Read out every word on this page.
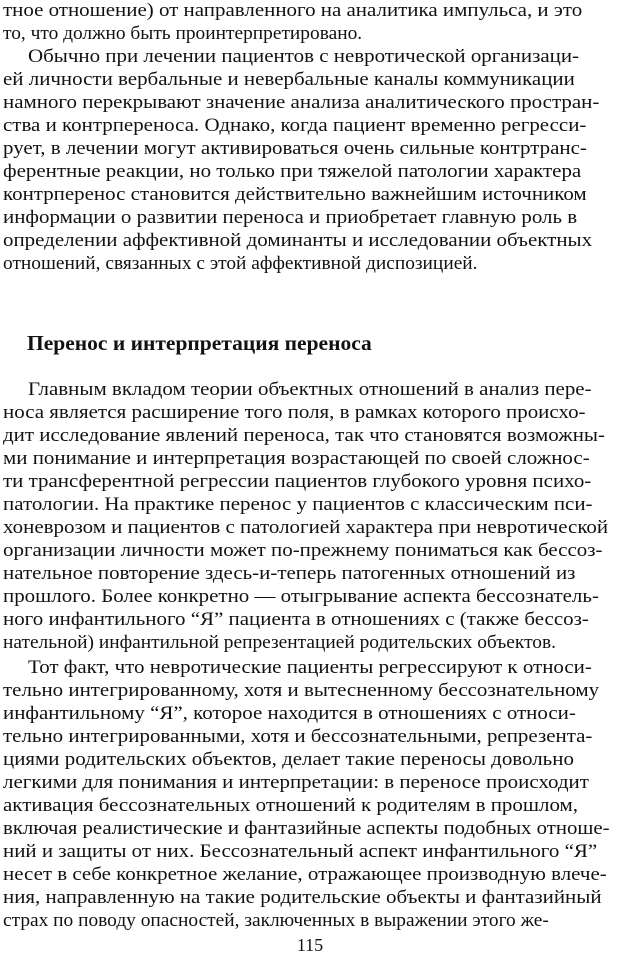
тное отношение) от направленного на аналитика импульса, и это
то, что должно быть проинтерпретировано.
Обычно при лечении пациентов с невротической организаци-
ей личности вербальные и невербальные каналы коммуникации
намного перекрывают значение анализа аналитического простран-
ства и контрпереноса. Однако, когда пациент временно регресси-
рует, в лечении могут активироваться очень сильные контртранс-
ферентные реакции, но только при тяжелой патологии характера
контрперенос становится действительно важнейшим источником
информации о развитии переноса и приобретает главную роль в
определении аффективной доминанты и исследовании объектных
отношений, связанных с этой аффективной диспозицией.
Перенос и интерпретация переноса
Главным вкладом теории объектных отношений в анализ пере-
носа является расширение того поля, в рамках которого происхо-
дит исследование явлений переноса, так что становятся возможны-
ми понимание и интерпретация возрастающей по своей сложнос-
ти трансферентной регрессии пациентов глубокого уровня психо-
патологии. На практике перенос у пациентов с классическим пси-
хоневрозом и пациентов с патологией характера при невротической
организации личности может по-прежнему пониматься как бессоз-
нательное повторение здесь-и-теперь патогенных отношений из
прошлого. Более конкретно — отыгрывание аспекта бессознатель-
ного инфантильного “Я” пациента в отношениях с (также бессоз-
нательной) инфантильной репрезентацией родительских объектов.
Тот факт, что невротические пациенты регрессируют к относи-
тельно интегрированному, хотя и вытесненному бессознательному
инфантильному “Я”, которое находится в отношениях с относи-
тельно интегрированными, хотя и бессознательными, репрезента-
циями родительских объектов, делает такие переносы довольно
легкими для понимания и интерпретации: в переносе происходит
активация бессознательных отношений к родителям в прошлом,
включая реалистические и фантазийные аспекты подобных отноше-
ний и защиты от них. Бессознательный аспект инфантильного “Я”
несет в себе конкретное желание, отражающее производную влече-
ния, направленную на такие родительские объекты и фантазийный
страх по поводу опасностей, заключенных в выражении этого же-
115
